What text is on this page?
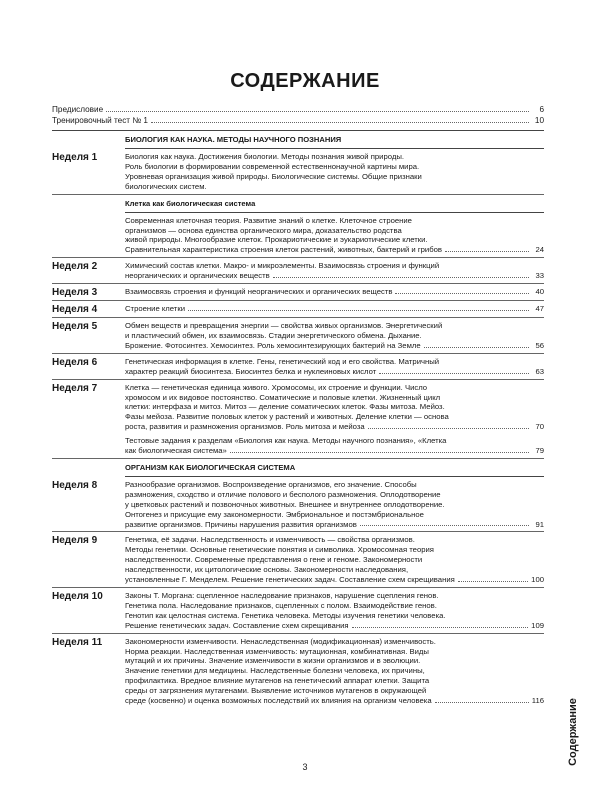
СОДЕРЖАНИЕ
Предисловие	6
Тренировочный тест № 1	10
БИОЛОГИЯ КАК НАУКА. МЕТОДЫ НАУЧНОГО ПОЗНАНИЯ
Неделя 1	Биология как наука. Достижения биологии. Методы познания живой природы.
Роль биологии в формировании современной естественнонаучной картины мира.
Уровневая организация живой природы. Биологические системы. Общие признаки
биологических систем.
Клетка как биологическая система
Современная клеточная теория. Развитие знаний о клетке. Клеточное строение
организмов — основа единства органического мира, доказательство родства
живой природы. Многообразие клеток. Прокариотические и эукариотические клетки.
Сравнительная характеристика строения клеток растений, животных, бактерий и грибов	24
Неделя 2	Химический состав клетки. Макро- и микроэлементы. Взаимосвязь строения и функций
неорганических и органических веществ	33
Неделя 3	Взаимосвязь строения и функций неорганических и органических веществ	40
Неделя 4	Строение клетки	47
Неделя 5	Обмен веществ и превращения энергии — свойства живых организмов. Энергетический
и пластический обмен, их взаимосвязь. Стадии энергетического обмена. Дыхание.
Брожение. Фотосинтез. Хемосинтез. Роль хемосинтезирующих бактерий на Земле	56
Неделя 6	Генетическая информация в клетке. Гены, генетический код и его свойства. Матричный
характер реакций биосинтеза. Биосинтез белка и нуклеиновых кислот	63
Неделя 7	Клетка — генетическая единица живого. Хромосомы, их строение и функции. Число
хромосом и их видовое постоянство. Соматические и половые клетки. Жизненный цикл
клетки: интерфаза и митоз. Митоз — деление соматических клеток. Фазы митоза. Мейоз.
Фазы мейоза. Развитие половых клеток у растений и животных. Деление клетки — основа
роста, развития и размножения организмов. Роль митоза и мейоза	70
Тестовые задания к разделам «Биология как наука. Методы научного познания», «Клетка
как биологическая система»	79
ОРГАНИЗМ КАК БИОЛОГИЧЕСКАЯ СИСТЕМА
Неделя 8	Разнообразие организмов. Воспроизведение организмов, его значение. Способы
размножения, сходство и отличие полового и бесполого размножения. Оплодотворение
у цветковых растений и позвоночных животных. Внешнее и внутреннее оплодотворение.
Онтогенез и присущие ему закономерности. Эмбриональное и постэмбриональное
развитие организмов. Причины нарушения развития организмов	91
Неделя 9	Генетика, её задачи. Наследственность и изменчивость — свойства организмов.
Методы генетики. Основные генетические понятия и символика. Хромосомная теория
наследственности. Современные представления о гене и геноме. Закономерности
наследственности, их цитологические основы. Закономерности наследования,
установленные Г. Менделем. Решение генетических задач. Составление схем скрещивания	100
Неделя 10	Законы Т. Моргана: сцепленное наследование признаков, нарушение сцепления генов.
Генетика пола. Наследование признаков, сцепленных с полом. Взаимодействие генов.
Генотип как целостная система. Генетика человека. Методы изучения генетики человека.
Решение генетических задач. Составление схем скрещивания	109
Неделя 11	Закономерности изменчивости. Ненаследственная (модификационная) изменчивость.
Норма реакции. Наследственная изменчивость: мутационная, комбинативная. Виды
мутаций и их причины. Значение изменчивости в жизни организмов и в эволюции.
Значение генетики для медицины. Наследственные болезни человека, их причины,
профилактика. Вредное влияние мутагенов на генетический аппарат клетки. Защита
среды от загрязнения мутагенами. Выявление источников мутагенов в окружающей
среде (косвенно) и оценка возможных последствий их влияния на организм человека	116
3
Содержание
